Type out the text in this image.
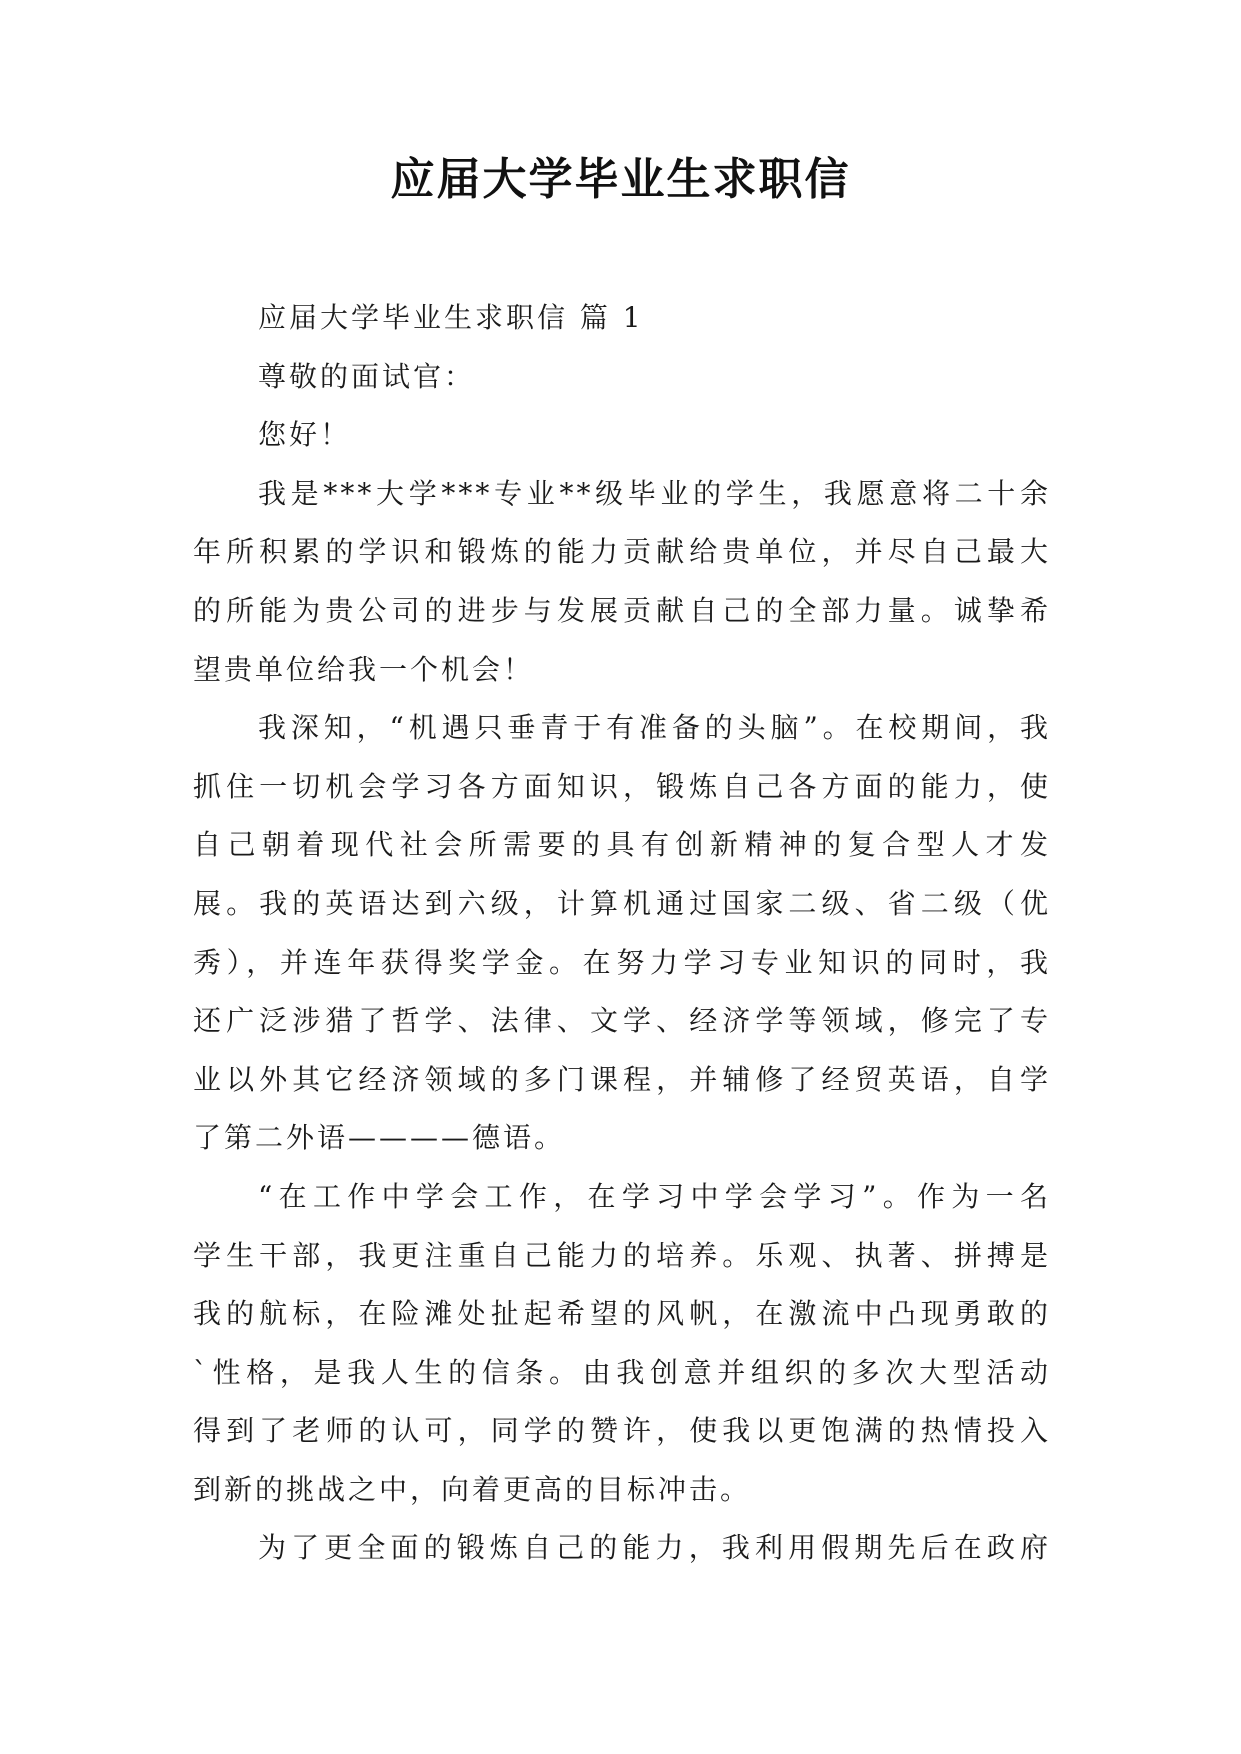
应届大学毕业生求职信
应届大学毕业生求职信 篇 1
尊敬的面试官：
您好！
我是***大学***专业**级毕业的学生，我愿意将二十余
年所积累的学识和锻炼的能力贡献给贵单位，并尽自己最大
的所能为贵公司的进步与发展贡献自己的全部力量。诚挚希
望贵单位给我一个机会！
我深知，“机遇只垂青于有准备的头脑”。在校期间，我
抓住一切机会学习各方面知识，锻炼自己各方面的能力，使
自己朝着现代社会所需要的具有创新精神的复合型人才发
展。我的英语达到六级，计算机通过国家二级、省二级（优
秀），并连年获得奖学金。在努力学习专业知识的同时，我
还广泛涉猎了哲学、法律、文学、经济学等领域，修完了专
业以外其它经济领域的多门课程，并辅修了经贸英语，自学
了第二外语————德语。
“在工作中学会工作，在学习中学会学习”。作为一名
学生干部，我更注重自己能力的培养。乐观、执著、拼搏是
我的航标，在险滩处扯起希望的风帆，在激流中凸现勇敢的
`性格，是我人生的信条。由我创意并组织的多次大型活动
得到了老师的认可，同学的赞许，使我以更饱满的热情投入
到新的挑战之中，向着更高的目标冲击。
为了更全面的锻炼自己的能力，我利用假期先后在政府
